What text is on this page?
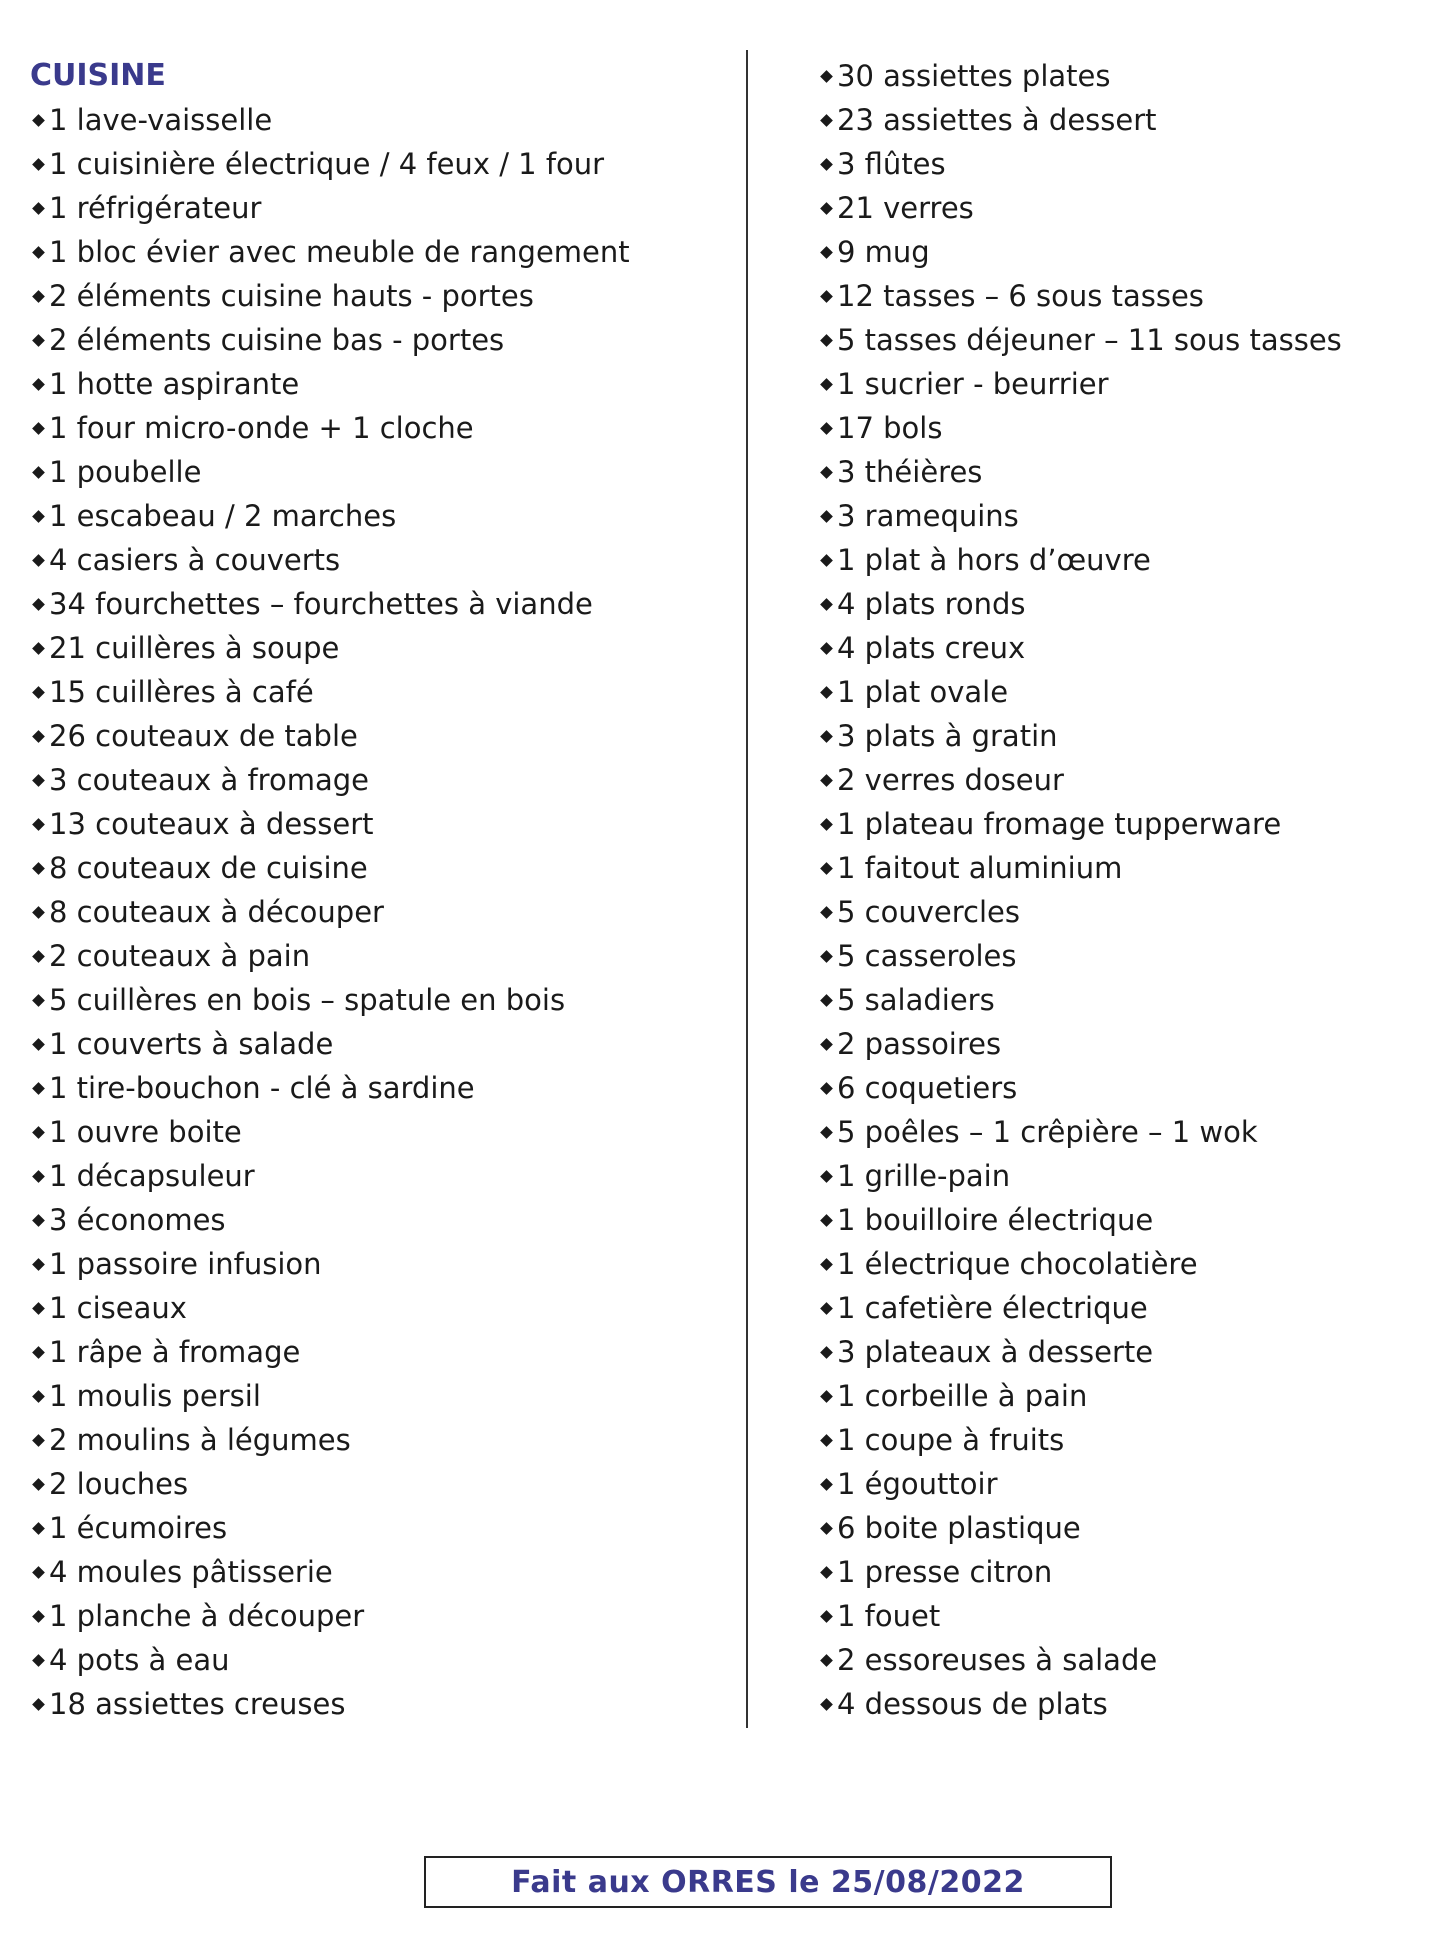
CUISINE
1 lave-vaisselle
1 cuisinière électrique / 4 feux / 1 four
1 réfrigérateur
1 bloc évier avec meuble de rangement
2 éléments cuisine hauts - portes
2 éléments cuisine bas - portes
1 hotte aspirante
1 four micro-onde + 1 cloche
1 poubelle
1 escabeau / 2 marches
4 casiers à couverts
34 fourchettes – fourchettes à viande
21 cuillères à soupe
15 cuillères à café
26 couteaux de table
3 couteaux à fromage
13 couteaux à dessert
8 couteaux de cuisine
8 couteaux à découper
2 couteaux à pain
5 cuillères en bois – spatule en bois
1 couverts à salade
1 tire-bouchon - clé à sardine
1 ouvre boite
1 décapsuleur
3 économes
1 passoire infusion
1 ciseaux
1 râpe à fromage
1 moulis persil
2 moulins à légumes
2 louches
1 écumoires
4 moules pâtisserie
1 planche à découper
4 pots à eau
18 assiettes creuses
30 assiettes plates
23 assiettes à dessert
3 flûtes
21 verres
9 mug
12 tasses – 6 sous tasses
5 tasses déjeuner – 11 sous tasses
1 sucrier - beurrier
17 bols
3 théières
3 ramequins
1 plat à hors d’œuvre
4 plats ronds
4 plats creux
1 plat ovale
3 plats à gratin
2 verres doseur
1 plateau fromage tupperware
1 faitout aluminium
5 couvercles
5 casseroles
5 saladiers
2 passoires
6 coquetiers
5 poêles – 1 crêpière – 1 wok
1 grille-pain
1 bouilloire électrique
1 électrique chocolatière
1 cafetière électrique
3 plateaux à desserte
1 corbeille à pain
1 coupe à fruits
1 égouttoir
6 boite plastique
1 presse citron
1 fouet
2 essoreuses à salade
4 dessous de plats
Fait aux ORRES le 25/08/2022
